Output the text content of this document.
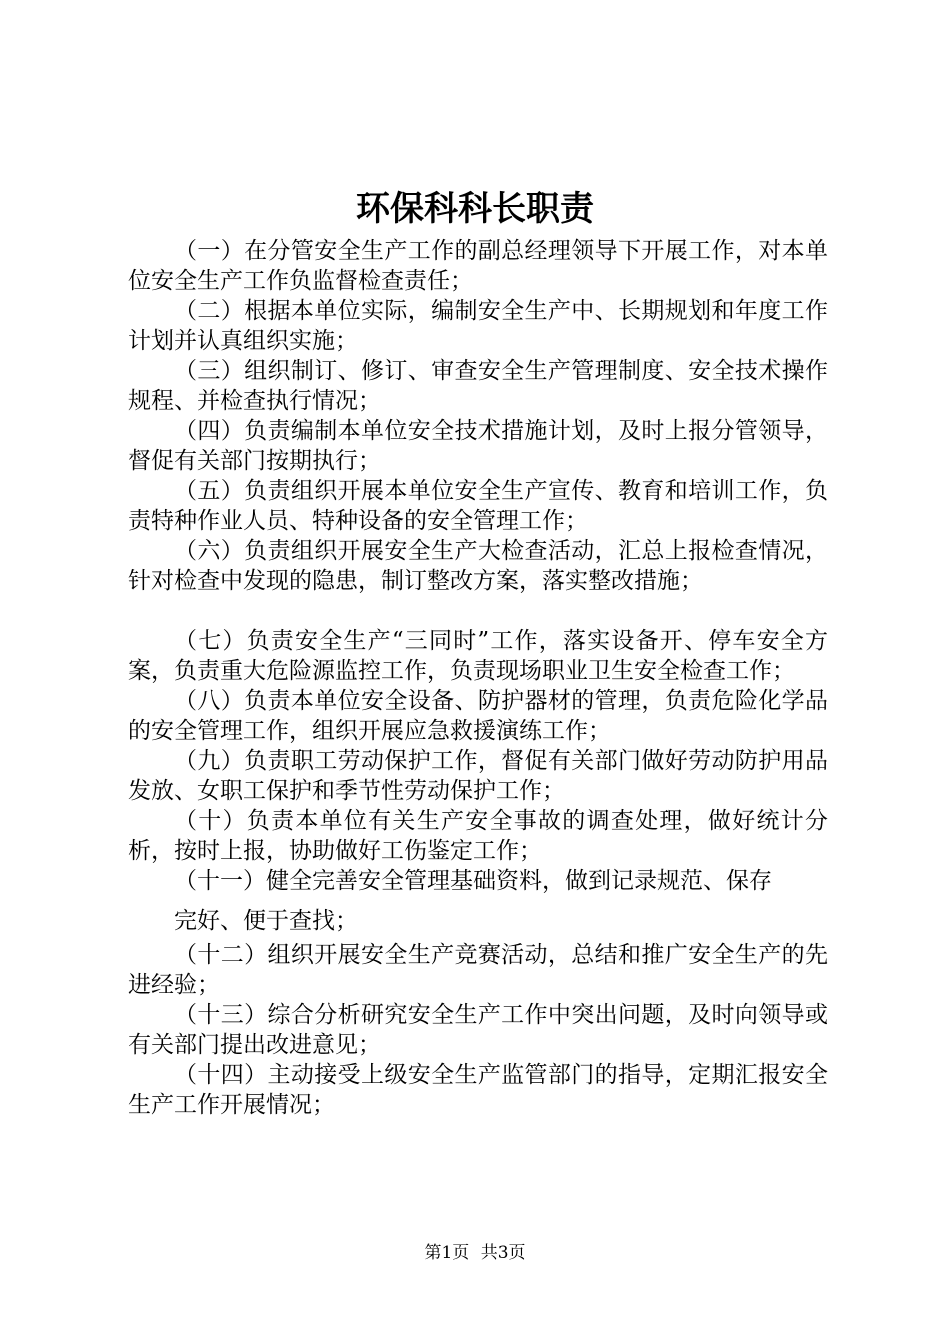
环保科科长职责

（一）在分管安全生产工作的副总经理领导下开展工作，对本单位安全生产工作负监督检查责任；

（二）根据本单位实际，编制安全生产中、长期规划和年度工作计划并认真组织实施；

（三）组织制订、修订、审查安全生产管理制度、安全技术操作规程、并检查执行情况；

（四）负责编制本单位安全技术措施计划，及时上报分管领导，督促有关部门按期执行；

（五）负责组织开展本单位安全生产宣传、教育和培训工作，负责特种作业人员、特种设备的安全管理工作；

（六）负责组织开展安全生产大检查活动，汇总上报检查情况，针对检查中发现的隐患，制订整改方案，落实整改措施；

（七）负责安全生产“三同时”工作，落实设备开、停车安全方案，负责重大危险源监控工作，负责现场职业卫生安全检查工作；

（八）负责本单位安全设备、防护器材的管理，负责危险化学品的安全管理工作，组织开展应急救援演练工作；

（九）负责职工劳动保护工作，督促有关部门做好劳动防护用品发放、女职工保护和季节性劳动保护工作；

（十）负责本单位有关生产安全事故的调查处理，做好统计分析，按时上报，协助做好工伤鉴定工作；

（十一）健全完善安全管理基础资料，做到记录规范、保存

完好、便于查找；

（十二）组织开展安全生产竞赛活动，总结和推广安全生产的先进经验；

（十三）综合分析研究安全生产工作中突出问题，及时向领导或有关部门提出改进意见；

（十四）主动接受上级安全生产监管部门的指导，定期汇报安全生产工作开展情况；

第1页 共3页
